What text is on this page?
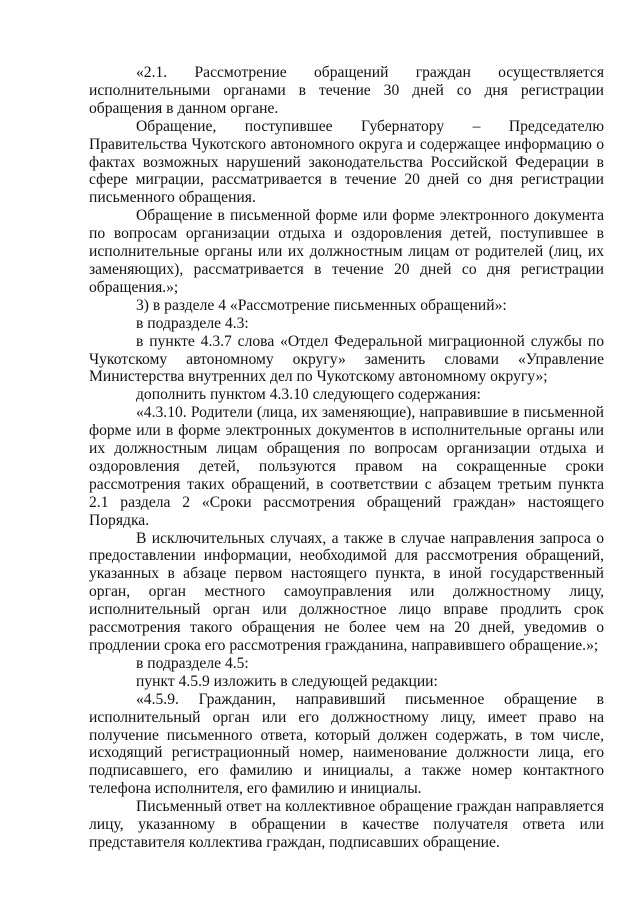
«2.1. Рассмотрение обращений граждан осуществляется исполнительными органами в течение 30 дней со дня регистрации обращения в данном органе.

Обращение, поступившее Губернатору – Председателю Правительства Чукотского автономного округа и содержащее информацию о фактах возможных нарушений законодательства Российской Федерации в сфере миграции, рассматривается в течение 20 дней со дня регистрации письменного обращения.

Обращение в письменной форме или форме электронного документа по вопросам организации отдыха и оздоровления детей, поступившее в исполнительные органы или их должностным лицам от родителей (лиц, их заменяющих), рассматривается в течение 20 дней со дня регистрации обращения.»;

3) в разделе 4 «Рассмотрение письменных обращений»:

в подразделе 4.3:

в пункте 4.3.7 слова «Отдел Федеральной миграционной службы по Чукотскому автономному округу» заменить словами «Управление Министерства внутренних дел по Чукотскому автономному округу»;

дополнить пунктом 4.3.10 следующего содержания:

«4.3.10. Родители (лица, их заменяющие), направившие в письменной форме или в форме электронных документов в исполнительные органы или их должностным лицам обращения по вопросам организации отдыха и оздоровления детей, пользуются правом на сокращенные сроки рассмотрения таких обращений, в соответствии с абзацем третьим пункта 2.1 раздела 2 «Сроки рассмотрения обращений граждан» настоящего Порядка.

В исключительных случаях, а также в случае направления запроса о предоставлении информации, необходимой для рассмотрения обращений, указанных в абзаце первом настоящего пункта, в иной государственный орган, орган местного самоуправления или должностному лицу, исполнительный орган или должностное лицо вправе продлить срок рассмотрения такого обращения не более чем на 20 дней, уведомив о продлении срока его рассмотрения гражданина, направившего обращение.»;

в подразделе 4.5:

пункт 4.5.9 изложить в следующей редакции:

«4.5.9. Гражданин, направивший письменное обращение в исполнительный орган или его должностному лицу, имеет право на получение письменного ответа, который должен содержать, в том числе, исходящий регистрационный номер, наименование должности лица, его подписавшего, его фамилию и инициалы, а также номер контактного телефона исполнителя, его фамилию и инициалы.

Письменный ответ на коллективное обращение граждан направляется лицу, указанному в обращении в качестве получателя ответа или представителя коллектива граждан, подписавших обращение.
